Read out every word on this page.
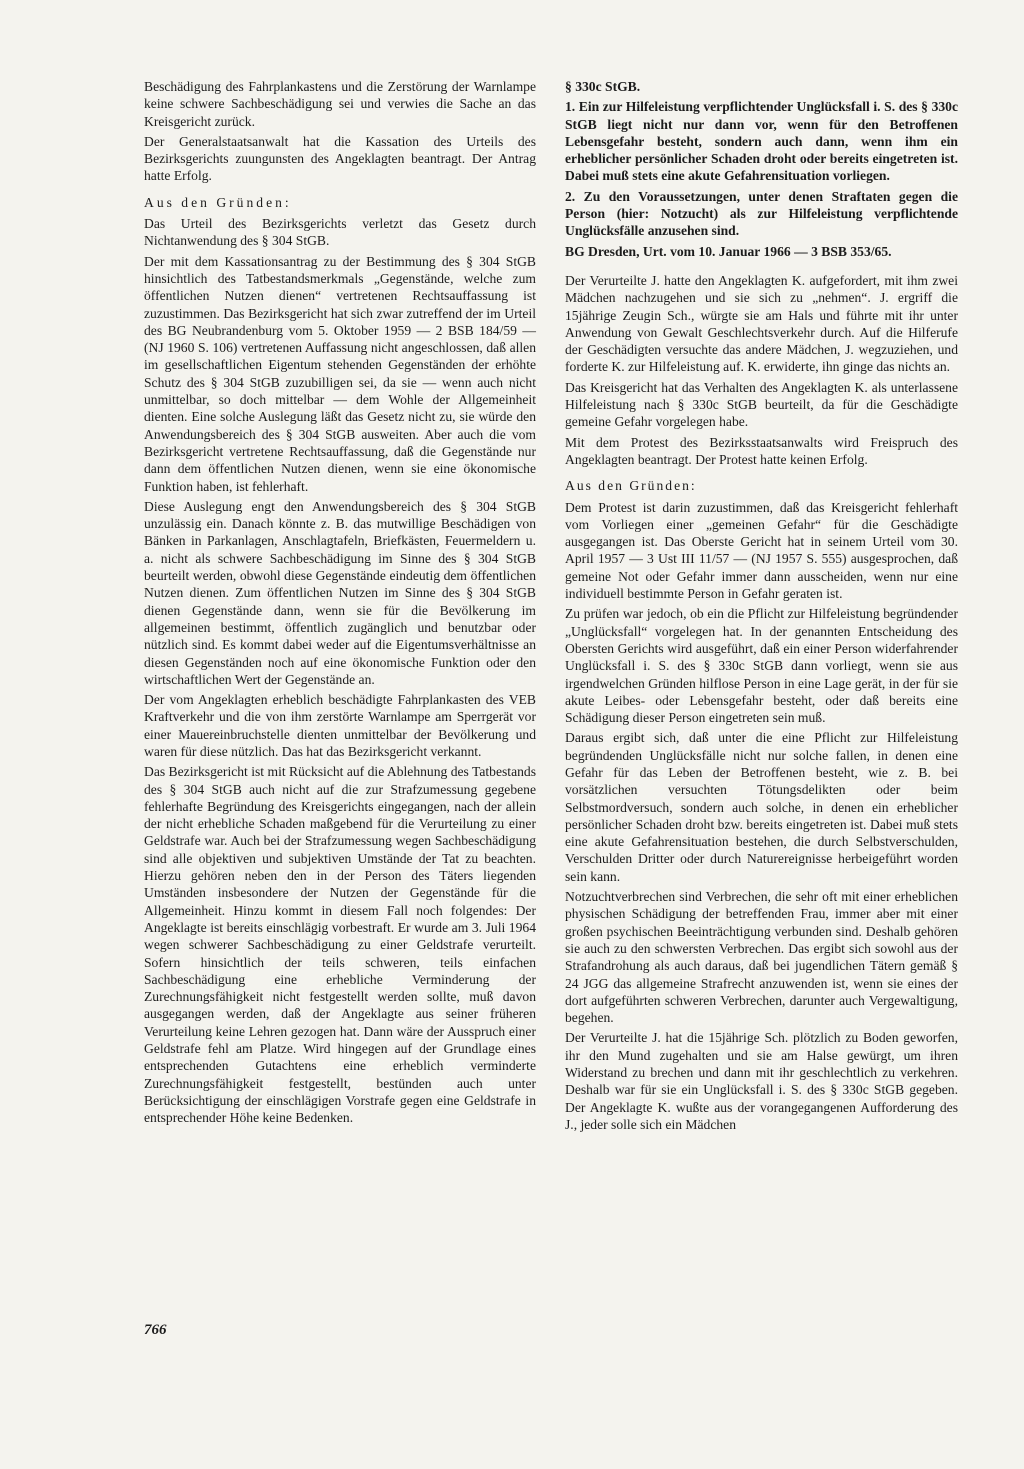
Beschädigung des Fahrplankastens und die Zerstörung der Warnlampe keine schwere Sachbeschädigung sei und verwies die Sache an das Kreisgericht zurück.

Der Generalstaatsanwalt hat die Kassation des Urteils des Bezirksgerichts zuungunsten des Angeklagten beantragt. Der Antrag hatte Erfolg.

Aus den Gründen:

Das Urteil des Bezirksgerichts verletzt das Gesetz durch Nichtanwendung des § 304 StGB.

Der mit dem Kassationsantrag zu der Bestimmung des § 304 StGB hinsichtlich des Tatbestandsmerkmals „Gegenstände, welche zum öffentlichen Nutzen dienen“ vertretenen Rechtsauffassung ist zuzustimmen. Das Bezirksgericht hat sich zwar zutreffend der im Urteil des BG Neubrandenburg vom 5. Oktober 1959 — 2 BSB 184/59 — (NJ 1960 S. 106) vertretenen Auffassung nicht angeschlossen, daß allen im gesellschaftlichen Eigentum stehenden Gegenständen der erhöhte Schutz des § 304 StGB zuzubilligen sei, da sie — wenn auch nicht unmittelbar, so doch mittelbar — dem Wohle der Allgemeinheit dienten. Eine solche Auslegung läßt das Gesetz nicht zu, sie würde den Anwendungsbereich des § 304 StGB ausweiten. Aber auch die vom Bezirksgericht vertretene Rechtsauffassung, daß die Gegenstände nur dann dem öffentlichen Nutzen dienen, wenn sie eine ökonomische Funktion haben, ist fehlerhaft.

Diese Auslegung engt den Anwendungsbereich des § 304 StGB unzulässig ein. Danach könnte z. B. das mutwillige Beschädigen von Bänken in Parkanlagen, Anschlagtafeln, Briefkästen, Feuermeldern u. a. nicht als schwere Sachbeschädigung im Sinne des § 304 StGB beurteilt werden, obwohl diese Gegenstände eindeutig dem öffentlichen Nutzen dienen. Zum öffentlichen Nutzen im Sinne des § 304 StGB dienen Gegenstände dann, wenn sie für die Bevölkerung im allgemeinen bestimmt, öffentlich zugänglich und benutzbar oder nützlich sind. Es kommt dabei weder auf die Eigentumsverhältnisse an diesen Gegenständen noch auf eine ökonomische Funktion oder den wirtschaftlichen Wert der Gegenstände an.

Der vom Angeklagten erheblich beschädigte Fahrplankasten des VEB Kraftverkehr und die von ihm zerstörte Warnlampe am Sperrgerät vor einer Mauereinbruchstelle dienten unmittelbar der Bevölkerung und waren für diese nützlich. Das hat das Bezirksgericht verkannt.

Das Bezirksgericht ist mit Rücksicht auf die Ablehnung des Tatbestands des § 304 StGB auch nicht auf die zur Strafzumessung gegebene fehlerhafte Begründung des Kreisgerichts eingegangen, nach der allein der nicht erhebliche Schaden maßgebend für die Verurteilung zu einer Geldstrafe war. Auch bei der Strafzumessung wegen Sachbeschädigung sind alle objektiven und subjektiven Umstände der Tat zu beachten. Hierzu gehören neben den in der Person des Täters liegenden Umständen insbesondere der Nutzen der Gegenstände für die Allgemeinheit. Hinzu kommt in diesem Fall noch folgendes: Der Angeklagte ist bereits einschlägig vorbestraft. Er wurde am 3. Juli 1964 wegen schwerer Sachbeschädigung zu einer Geldstrafe verurteilt. Sofern hinsichtlich der teils schweren, teils einfachen Sachbeschädigung eine erhebliche Verminderung der Zurechnungsfähigkeit nicht festgestellt werden sollte, muß davon ausgegangen werden, daß der Angeklagte aus seiner früheren Verurteilung keine Lehren gezogen hat. Dann wäre der Ausspruch einer Geldstrafe fehl am Platze. Wird hingegen auf der Grundlage eines entsprechenden Gutachtens eine erheblich verminderte Zurechnungsfähigkeit festgestellt, bestünden auch unter Berücksichtigung der einschlägigen Vorstrafe gegen eine Geldstrafe in entsprechender Höhe keine Bedenken.

§ 330c StGB.

1. Ein zur Hilfeleistung verpflichtender Unglücksfall i. S. des § 330c StGB liegt nicht nur dann vor, wenn für den Betroffenen Lebensgefahr besteht, sondern auch dann, wenn ihm ein erheblicher persönlicher Schaden droht oder bereits eingetreten ist. Dabei muß stets eine akute Gefahrensituation vorliegen.

2. Zu den Voraussetzungen, unter denen Straftaten gegen die Person (hier: Notzucht) als zur Hilfeleistung verpflichtende Unglücksfälle anzusehen sind.

BG Dresden, Urt. vom 10. Januar 1966 — 3 BSB 353/65.

Der Verurteilte J. hatte den Angeklagten K. aufgefordert, mit ihm zwei Mädchen nachzugehen und sie sich zu „nehmen“. J. ergriff die 15jährige Zeugin Sch., würgte sie am Hals und führte mit ihr unter Anwendung von Gewalt Geschlechtsverkehr durch. Auf die Hilferufe der Geschädigten versuchte das andere Mädchen, J. wegzuziehen, und forderte K. zur Hilfeleistung auf. K. erwiderte, ihn ginge das nichts an.

Das Kreisgericht hat das Verhalten des Angeklagten K. als unterlassene Hilfeleistung nach § 330c StGB beurteilt, da für die Geschädigte gemeine Gefahr vorgelegen habe.

Mit dem Protest des Bezirksstaatsanwalts wird Freispruch des Angeklagten beantragt. Der Protest hatte keinen Erfolg.

Aus den Gründen:

Dem Protest ist darin zuzustimmen, daß das Kreisgericht fehlerhaft vom Vorliegen einer „gemeinen Gefahr“ für die Geschädigte ausgegangen ist. Das Oberste Gericht hat in seinem Urteil vom 30. April 1957 — 3 Ust III 11/57 — (NJ 1957 S. 555) ausgesprochen, daß gemeine Not oder Gefahr immer dann ausscheiden, wenn nur eine individuell bestimmte Person in Gefahr geraten ist.

Zu prüfen war jedoch, ob ein die Pflicht zur Hilfeleistung begründender „Unglücksfall“ vorgelegen hat. In der genannten Entscheidung des Obersten Gerichts wird ausgeführt, daß ein einer Person widerfahrender Unglücksfall i. S. des § 330c StGB dann vorliegt, wenn sie aus irgendwelchen Gründen hilflose Person in eine Lage gerät, in der für sie akute Leibes- oder Lebensgefahr besteht, oder daß bereits eine Schädigung dieser Person eingetreten sein muß.

Daraus ergibt sich, daß unter die eine Pflicht zur Hilfeleistung begründenden Unglücksfälle nicht nur solche fallen, in denen eine Gefahr für das Leben der Betroffenen besteht, wie z. B. bei vorsätzlichen versuchten Tötungsdelikten oder beim Selbstmordversuch, sondern auch solche, in denen ein erheblicher persönlicher Schaden droht bzw. bereits eingetreten ist. Dabei muß stets eine akute Gefahrensituation bestehen, die durch Selbstverschulden, Verschulden Dritter oder durch Naturereignisse herbeigeführt worden sein kann.

Notzuchtverbrechen sind Verbrechen, die sehr oft mit einer erheblichen physischen Schädigung der betreffenden Frau, immer aber mit einer großen psychischen Beeinträchtigung verbunden sind. Deshalb gehören sie auch zu den schwersten Verbrechen. Das ergibt sich sowohl aus der Strafandrohung als auch daraus, daß bei jugendlichen Tätern gemäß § 24 JGG das allgemeine Strafrecht anzuwenden ist, wenn sie eines der dort aufgeführten schweren Verbrechen, darunter auch Vergewaltigung, begehen.

Der Verurteilte J. hat die 15jährige Sch. plötzlich zu Boden geworfen, ihr den Mund zugehalten und sie am Halse gewürgt, um ihren Widerstand zu brechen und dann mit ihr geschlechtlich zu verkehren. Deshalb war für sie ein Unglücksfall i. S. des § 330c StGB gegeben. Der Angeklagte K. wußte aus der vorangegangenen Aufforderung des J., jeder solle sich ein Mädchen

766
